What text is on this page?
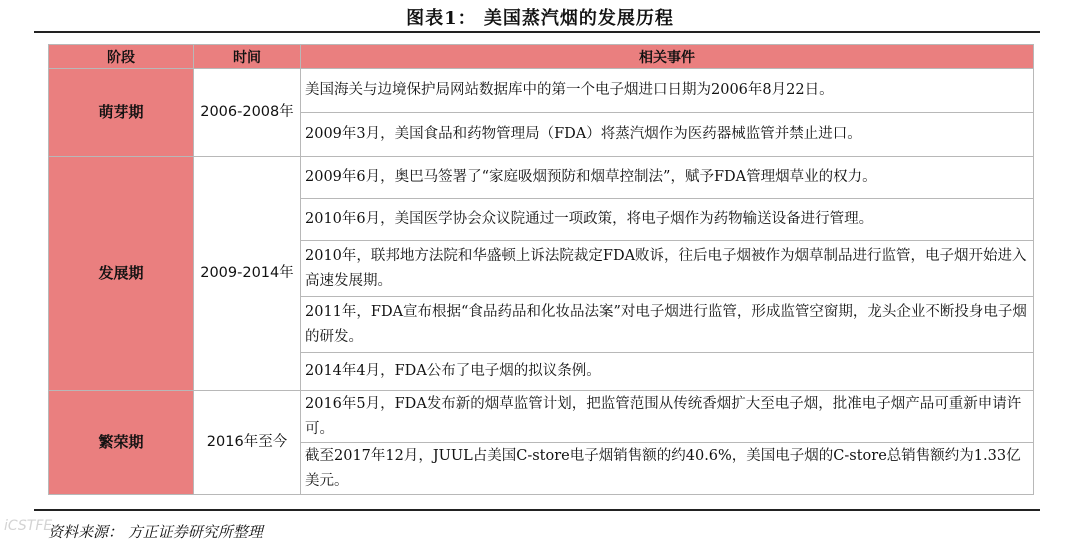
图表1： 美国蒸汽烟的发展历程
阶段	时间	相关事件
萌芽期	2006-2008年	美国海关与边境保护局网站数据库中的第一个电子烟进口日期为2006年8月22日。
		2009年3月，美国食品和药物管理局（FDA）将蒸汽烟作为医药器械监管并禁止进口。
发展期	2009-2014年	2009年6月，奥巴马签署了“家庭吸烟预防和烟草控制法”，赋予FDA管理烟草业的权力。
		2010年6月，美国医学协会众议院通过一项政策，将电子烟作为药物输送设备进行管理。
		2010年，联邦地方法院和华盛顿上诉法院裁定FDA败诉，往后电子烟被作为烟草制品进行监管，电子烟开始进入高速发展期。
		2011年，FDA宣布根据“食品药品和化妆品法案”对电子烟进行监管，形成监管空窗期，龙头企业不断投身电子烟的研发。
		2014年4月，FDA公布了电子烟的拟议条例。
繁荣期	2016年至今	2016年5月，FDA发布新的烟草监管计划，把监管范围从传统香烟扩大至电子烟，批准电子烟产品可重新申请许可。
		截至2017年12月，JUUL占美国C-store电子烟销售额的约40.6%，美国电子烟的C-store总销售额约为1.33亿美元。
iCSTFE
资料来源： 方正证券研究所整理
